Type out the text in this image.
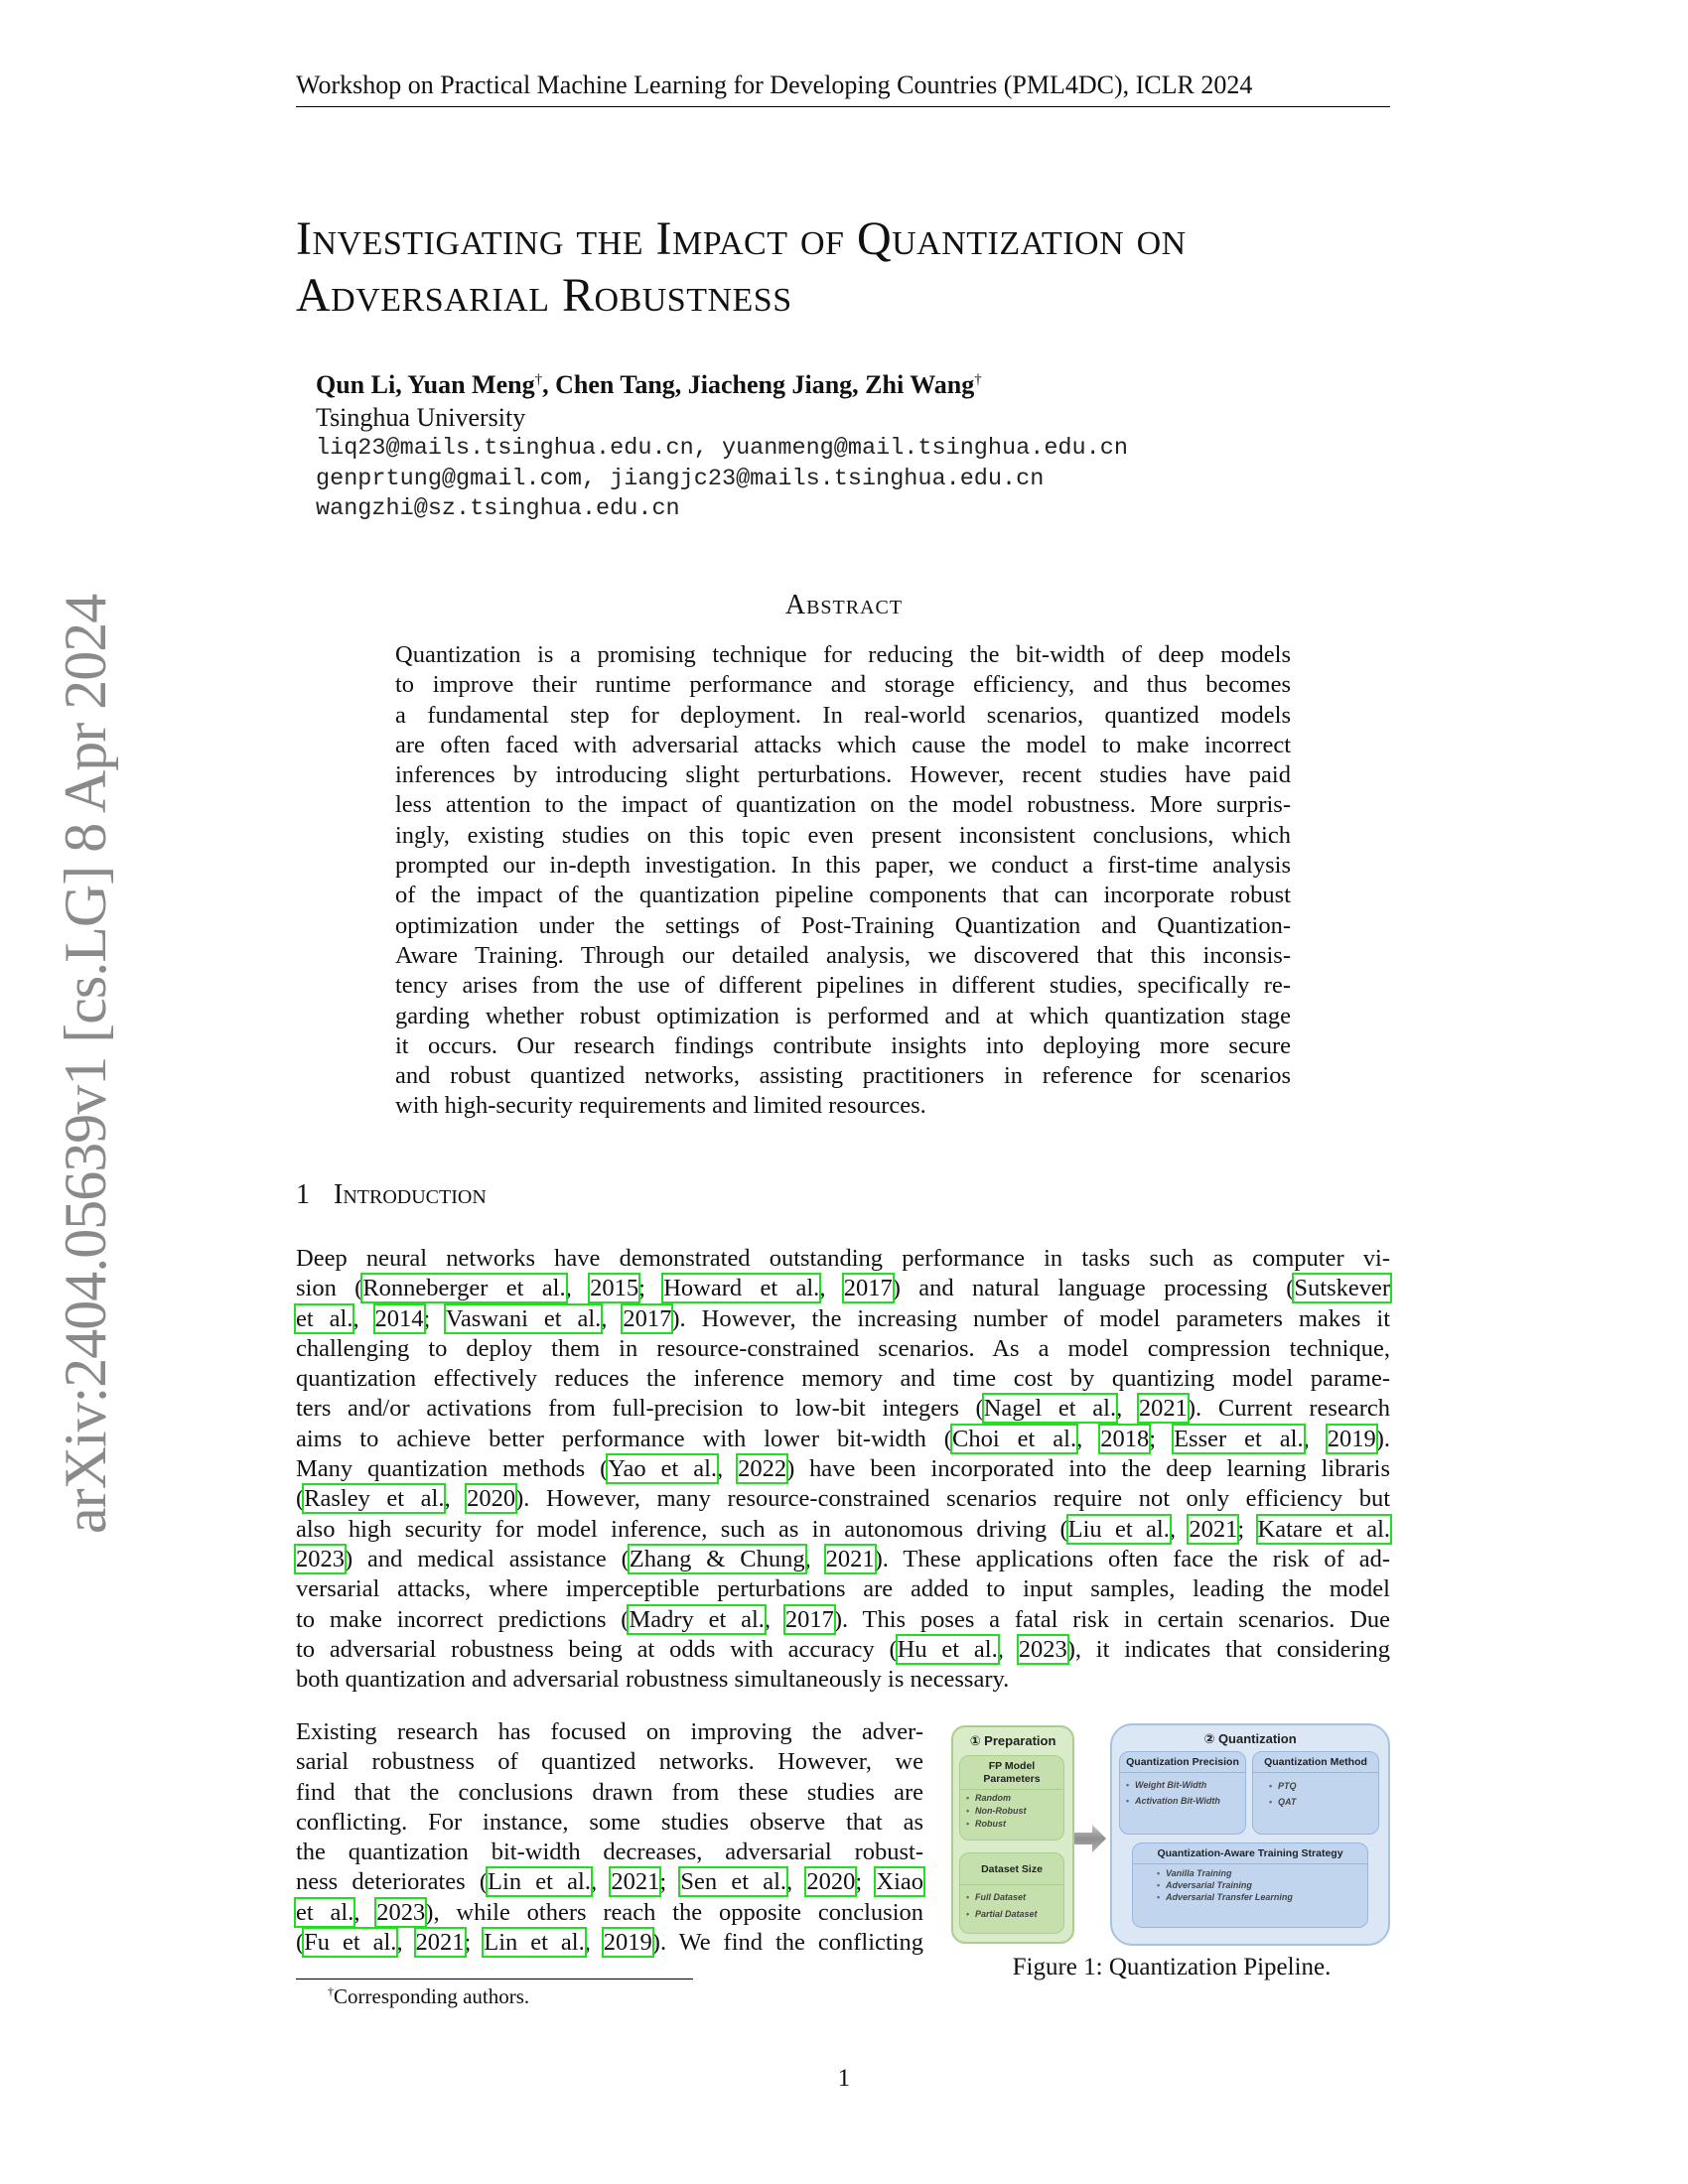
Workshop on Practical Machine Learning for Developing Countries (PML4DC), ICLR 2024
arXiv:2404.05639v1 [cs.LG] 8 Apr 2024
Investigating the Impact of Quantization on
Adversarial Robustness
Qun Li, Yuan Meng†, Chen Tang, Jiacheng Jiang, Zhi Wang†
Tsinghua University
liq23@mails.tsinghua.edu.cn, yuanmeng@mail.tsinghua.edu.cn
genprtung@gmail.com, jiangjc23@mails.tsinghua.edu.cn
wangzhi@sz.tsinghua.edu.cn
Abstract
Quantization is a promising technique for reducing the bit-width of deep models
to improve their runtime performance and storage efficiency, and thus becomes
a fundamental step for deployment. In real-world scenarios, quantized models
are often faced with adversarial attacks which cause the model to make incorrect
inferences by introducing slight perturbations. However, recent studies have paid
less attention to the impact of quantization on the model robustness. More surpris-
ingly, existing studies on this topic even present inconsistent conclusions, which
prompted our in-depth investigation. In this paper, we conduct a first-time analysis
of the impact of the quantization pipeline components that can incorporate robust
optimization under the settings of Post-Training Quantization and Quantization-
Aware Training. Through our detailed analysis, we discovered that this inconsis-
tency arises from the use of different pipelines in different studies, specifically re-
garding whether robust optimization is performed and at which quantization stage
it occurs. Our research findings contribute insights into deploying more secure
and robust quantized networks, assisting practitioners in reference for scenarios
with high-security requirements and limited resources.
1 Introduction
Deep neural networks have demonstrated outstanding performance in tasks such as computer vi-
sion (Ronneberger et al., 2015; Howard et al., 2017) and natural language processing (Sutskever
et al., 2014; Vaswani et al., 2017). However, the increasing number of model parameters makes it
challenging to deploy them in resource-constrained scenarios. As a model compression technique,
quantization effectively reduces the inference memory and time cost by quantizing model parame-
ters and/or activations from full-precision to low-bit integers (Nagel et al., 2021). Current research
aims to achieve better performance with lower bit-width (Choi et al., 2018; Esser et al., 2019).
Many quantization methods (Yao et al., 2022) have been incorporated into the deep learning libraris
(Rasley et al., 2020). However, many resource-constrained scenarios require not only efficiency but
also high security for model inference, such as in autonomous driving (Liu et al., 2021; Katare et al.
2023) and medical assistance (Zhang & Chung, 2021). These applications often face the risk of ad-
versarial attacks, where imperceptible perturbations are added to input samples, leading the model
to make incorrect predictions (Madry et al., 2017). This poses a fatal risk in certain scenarios. Due
to adversarial robustness being at odds with accuracy (Hu et al., 2023), it indicates that considering
both quantization and adversarial robustness simultaneously is necessary.
Existing research has focused on improving the adver-
sarial robustness of quantized networks. However, we
find that the conclusions drawn from these studies are
conflicting. For instance, some studies observe that as
the quantization bit-width decreases, adversarial robust-
ness deteriorates (Lin et al., 2021; Sen et al., 2020; Xiao
et al., 2023), while others reach the opposite conclusion
(Fu et al., 2021; Lin et al., 2019). We find the conflicting
†Corresponding authors.
① Preparation
FP Model Parameters
• Random
• Non-Robust
• Robust
Dataset Size
• Full Dataset
• Partial Dataset
② Quantization
Quantization Precision
• Weight Bit-Width
• Activation Bit-Width
Quantization Method
• PTQ
• QAT
Quantization-Aware Training Strategy
• Vanilla Training
• Adversarial Training
• Adversarial Transfer Learning
Figure 1: Quantization Pipeline.
1
